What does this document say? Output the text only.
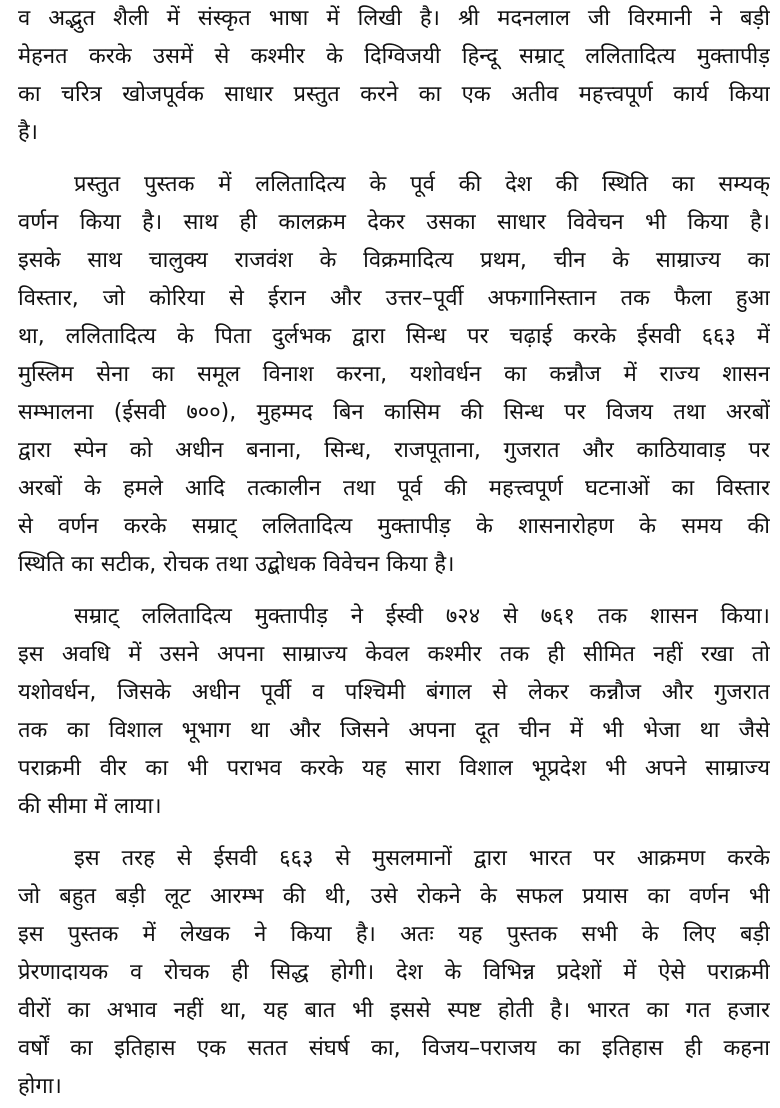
व अद्भुत शैली में संस्कृत भाषा में लिखी है। श्री मदनलाल जी विरमानी ने बड़ी
मेहनत करके उसमें से कश्मीर के दिग्विजयी हिन्दू सम्राट् ललितादित्य मुक्तापीड़
का चरित्र खोजपूर्वक साधार प्रस्तुत करने का एक अतीव महत्त्वपूर्ण कार्य किया
है।
प्रस्तुत पुस्तक में ललितादित्य के पूर्व की देश की स्थिति का सम्यक्
वर्णन किया है। साथ ही कालक्रम देकर उसका साधार विवेचन भी किया है।
इसके साथ चालुक्य राजवंश के विक्रमादित्य प्रथम, चीन के साम्राज्य का
विस्तार, जो कोरिया से ईरान और उत्तर–पूर्वी अफगानिस्तान तक फैला हुआ
था, ललितादित्य के पिता दुर्लभक द्वारा सिन्ध पर चढ़ाई करके ईसवी ६६३ में
मुस्लिम सेना का समूल विनाश करना, यशोवर्धन का कन्नौज में राज्य शासन
सम्भालना (ईसवी ७००), मुहम्मद बिन कासिम की सिन्ध पर विजय तथा अरबों
द्वारा स्पेन को अधीन बनाना, सिन्ध, राजपूताना, गुजरात और काठियावाड़ पर
अरबों के हमले आदि तत्कालीन तथा पूर्व की महत्त्वपूर्ण घटनाओं का विस्तार
से वर्णन करके सम्राट् ललितादित्य मुक्तापीड़ के शासनारोहण के समय की
स्थिति का सटीक, रोचक तथा उद्बोधक विवेचन किया है।
सम्राट् ललितादित्य मुक्तापीड़ ने ईस्वी ७२४ से ७६१ तक शासन किया।
इस अवधि में उसने अपना साम्राज्य केवल कश्मीर तक ही सीमित नहीं रखा तो
यशोवर्धन, जिसके अधीन पूर्वी व पश्चिमी बंगाल से लेकर कन्नौज और गुजरात
तक का विशाल भूभाग था और जिसने अपना दूत चीन में भी भेजा था जैसे
पराक्रमी वीर का भी पराभव करके यह सारा विशाल भूप्रदेश भी अपने साम्राज्य
की सीमा में लाया।
इस तरह से ईसवी ६६३ से मुसलमानों द्वारा भारत पर आक्रमण करके
जो बहुत बड़ी लूट आरम्भ की थी, उसे रोकने के सफल प्रयास का वर्णन भी
इस पुस्तक में लेखक ने किया है। अतः यह पुस्तक सभी के लिए बड़ी
प्रेरणादायक व रोचक ही सिद्ध होगी। देश के विभिन्न प्रदेशों में ऐसे पराक्रमी
वीरों का अभाव नहीं था, यह बात भी इससे स्पष्ट होती है। भारत का गत हजार
वर्षों का इतिहास एक सतत संघर्ष का, विजय–पराजय का इतिहास ही कहना
होगा।
